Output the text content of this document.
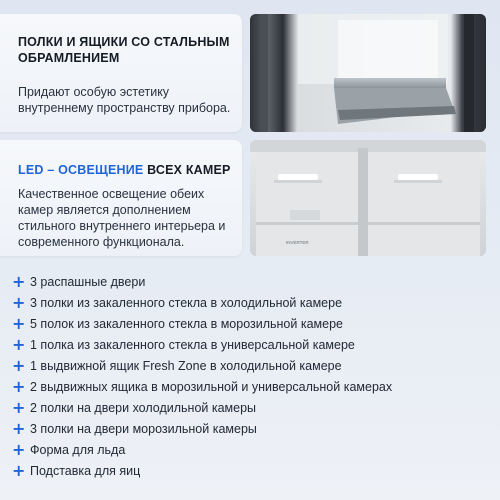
ПОЛКИ И ЯЩИКИ СО СТАЛЬНЫМ ОБРАМЛЕНИЕМ
Придают особую эстетику внутреннему пространству прибора.
LED – ОСВЕЩЕНИЕ ВСЕХ КАМЕР
Качественное освещение обеих камер является дополнением стильного внутреннего интерьера и современного функционала.	INVERTER
+ 3 распашные двери
+ 3 полки из закаленного стекла в холодильной камере
+ 5 полок из закаленного стекла в морозильной камере
+ 1 полка из закаленного стекла в универсальной камере
+ 1 выдвижной ящик Fresh Zone в холодильной камере
+ 2 выдвижных ящика в морозильной и универсальной камерах
+ 2 полки на двери холодильной камеры
+ 3 полки на двери морозильной камеры
+ Форма для льда
+ Подставка для яиц
